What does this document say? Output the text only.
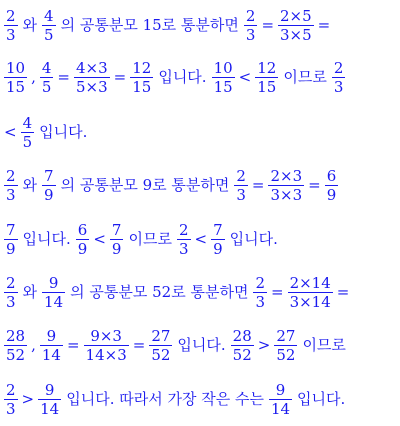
$\frac{2}{3}$ 와 $\frac{4}{5}$ 의 공통분모 15로 통분하면 $\frac{2}{3} = \frac{2\times 5}{3\times 5}$ =
$\frac{10}{15}$ , $\frac{4}{5} = \frac{4\times 3}{5\times 3} = \frac{12}{15}$ 입니다. $\frac{10}{15} < \frac{12}{15}$ 이므로 $\frac{2}{3}$
< $\frac{4}{5}$ 입니다.
$\frac{2}{3}$ 와 $\frac{7}{9}$ 의 공통분모 9로 통분하면 $\frac{2}{3} = \frac{2\times 3}{3\times 3} = \frac{6}{9}$
$\frac{7}{9}$ 입니다. $\frac{6}{9} < \frac{7}{9}$ 이므로 $\frac{2}{3} < \frac{7}{9}$ 입니다.
$\frac{2}{3}$ 와 $\frac{9}{14}$ 의 공통분모 52로 통분하면 $\frac{2}{3} = \frac{2\times 14}{3\times 14}$ =
$\frac{28}{52}$ , $\frac{9}{14} = \frac{9\times 3}{14\times 3} = \frac{27}{52}$ 입니다. $\frac{28}{52} > \frac{27}{52}$ 이므로
$\frac{2}{3} > \frac{9}{14}$ 입니다. 따라서 가장 작은 수는 $\frac{9}{14}$ 입니다.
